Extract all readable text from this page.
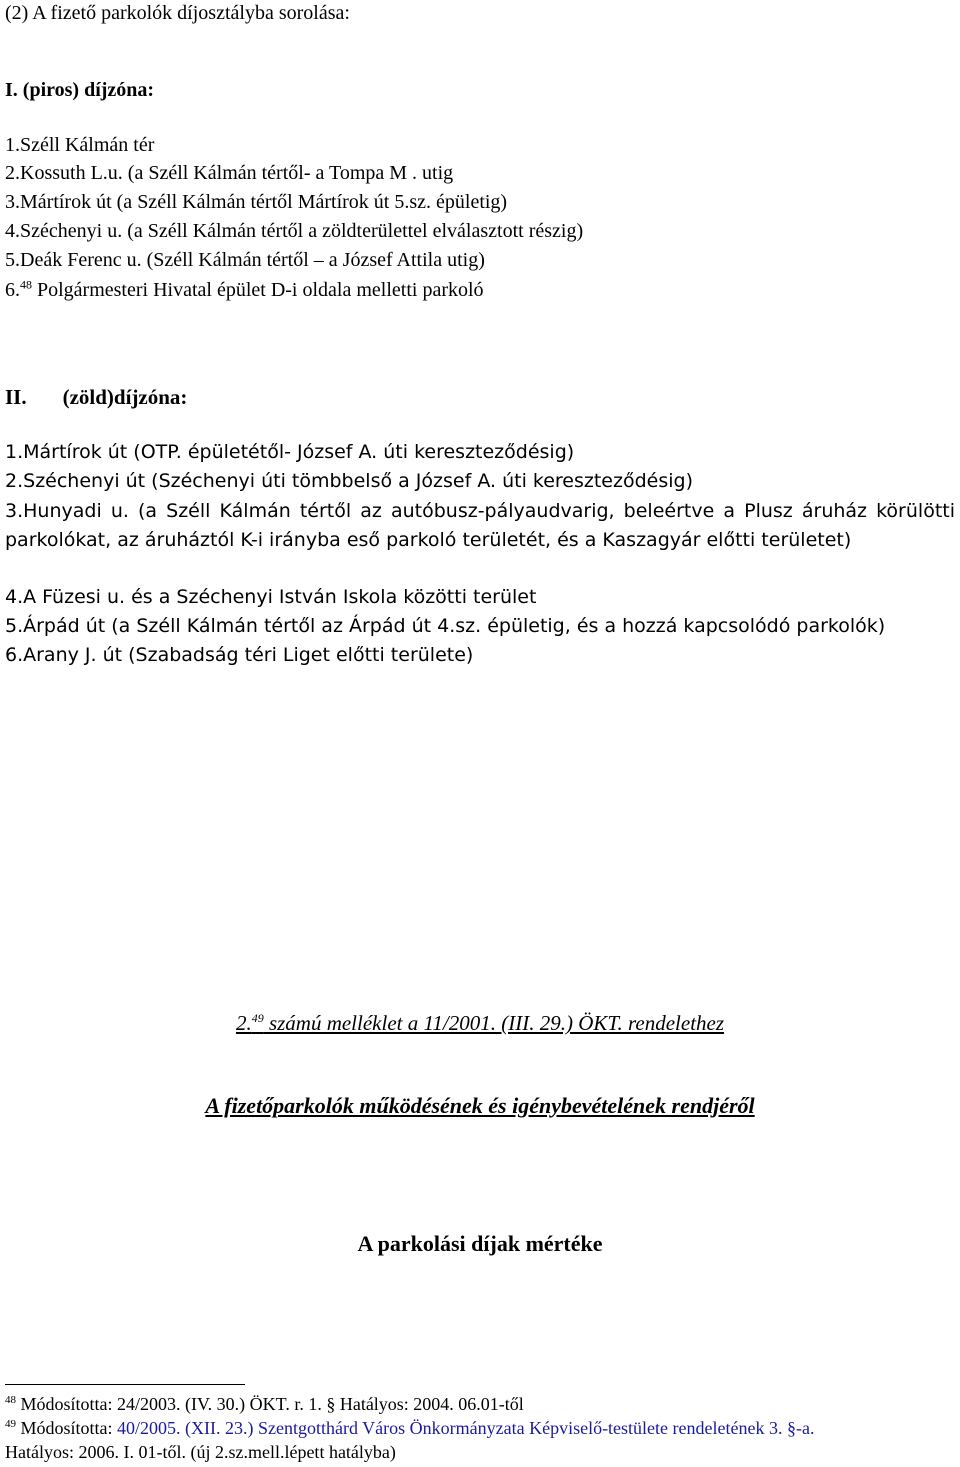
(2) A fizető parkolók díjosztályba sorolása:
I. (piros) díjzóna:
1.Széll Kálmán tér
2.Kossuth L.u. (a Széll Kálmán tértől- a Tompa M . utig
3.Mártírok út (a Széll Kálmán tértől Mártírok út 5.sz. épületig)
4.Széchenyi u. (a Széll Kálmán tértől a zöldterülettel elválasztott részig)
5.Deák Ferenc u. (Széll Kálmán tértől – a József Attila utig)
6.48 Polgármesteri Hivatal épület D-i oldala melletti parkoló
II. (zöld)díjzóna:
1.Mártírok út (OTP. épületétől- József A. úti kereszteződésig)
2.Széchenyi út (Széchenyi úti tömbbelső a József A. úti kereszteződésig)
3.Hunyadi u. (a Széll Kálmán tértől az autóbusz-pályaudvarig, beleértve a Plusz áruház körülötti parkolókat, az áruháztól K-i irányba eső parkoló területét, és a Kaszagyár előtti területet)
4.A Füzesi u. és a Széchenyi István Iskola közötti terület
5.Árpád út (a Széll Kálmán tértől az Árpád út 4.sz. épületig, és a hozzá kapcsolódó parkolók)
6.Arany J. út (Szabadság téri Liget előtti területe)
2.49 számú melléklet a 11/2001. (III. 29.) ÖKT. rendelethez
A fizetőparkolók működésének és igénybevételének rendjéről
A parkolási díjak mértéke
$^{48}$ Módosította: 24/2003. (IV. 30.) ÖKT. r. 1. § Hatályos: 2004. 06.01-től
$^{49}$ Módosította: 40/2005. (XII. 23.) Szentgotthárd Város Önkormányzata Képviselő-testülete rendeletének 3. §-a.
Hatályos: 2006. I. 01-től. (új 2.sz.mell.lépett hatályba)
